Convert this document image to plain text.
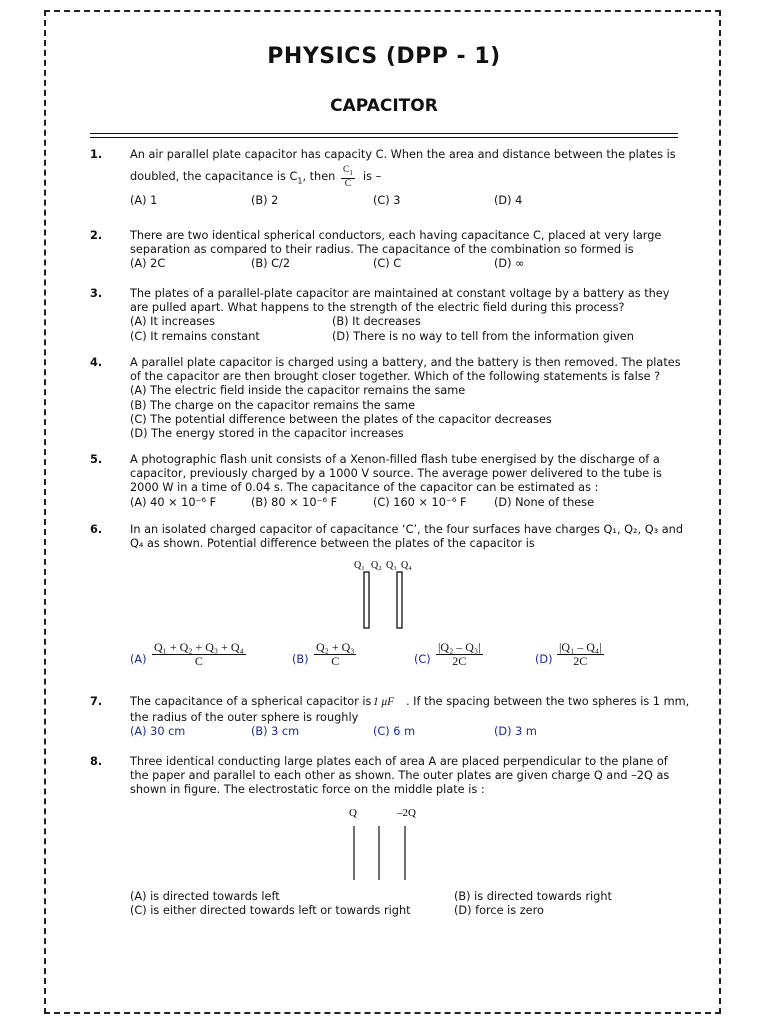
PHYSICS (DPP - 1)
CAPACITOR
1. An air parallel plate capacitor has capacity C. When the area and distance between the plates is
doubled, the capacitance is $C_1$, then $\frac{C_1}{C}$ is –
(A) 1	(B) 2	(C) 3	(D) 4
2. There are two identical spherical conductors, each having capacitance C, placed at very large
separation as compared to their radius. The capacitance of the combination so formed is
(A) 2C	(B) C/2	(C) C	(D) ∞
3. The plates of a parallel-plate capacitor are maintained at constant voltage by a battery as they
are pulled apart. What happens to the strength of the electric field during this process?
(A) It increases	(B) It decreases
(C) It remains constant	(D) There is no way to tell from the information given
4. A parallel plate capacitor is charged using a battery, and the battery is then removed. The plates
of the capacitor are then brought closer together. Which of the following statements is false ?
(A) The electric field inside the capacitor remains the same
(B) The charge on the capacitor remains the same
(C) The potential difference between the plates of the capacitor decreases
(D) The energy stored in the capacitor increases
5. A photographic flash unit consists of a Xenon-filled flash tube energised by the discharge of a
capacitor, previously charged by a 1000 V source. The average power delivered to the tube is
2000 W in a time of 0.04 s. The capacitance of the capacitor can be estimated as :
(A) 40 × 10⁻⁶ F	(B) 80 × 10⁻⁶ F	(C) 160 × 10⁻⁶ F (D) None of these
6. In an isolated charged capacitor of capacitance ‘C’, the four surfaces have charges Q₁, Q₂, Q₃ and
Q₄ as shown. Potential difference between the plates of the capacitor is
Q₁ Q₂ Q₃ Q₄
$(A) \frac{\text{Q₁ + Q₂ + Q₃ + Q₄}}{C}$	$(B) \frac{\text{Q₂ + Q₃}}{C}$	$(C) \frac{\text{|Q₂ – Q₃|}}{2C}$	$(D) \frac{\text{|Q₁ – Q₄|}}{2C}$
7. The capacitance of a spherical capacitor is 1 μF . If the spacing between the two spheres is 1 mm,
the radius of the outer sphere is roughly
(A) 30 cm	(B) 3 cm	(C) 6 m	(D) 3 m
8. Three identical conducting large plates each of area A are placed perpendicular to the plane of
the paper and parallel to each other as shown. The outer plates are given charge Q and –2Q as
shown in figure. The electrostatic force on the middle plate is :
Q	–2Q
(A) is directed towards left	(B) is directed towards right
(C) is either directed towards left or towards right	(D) force is zero
